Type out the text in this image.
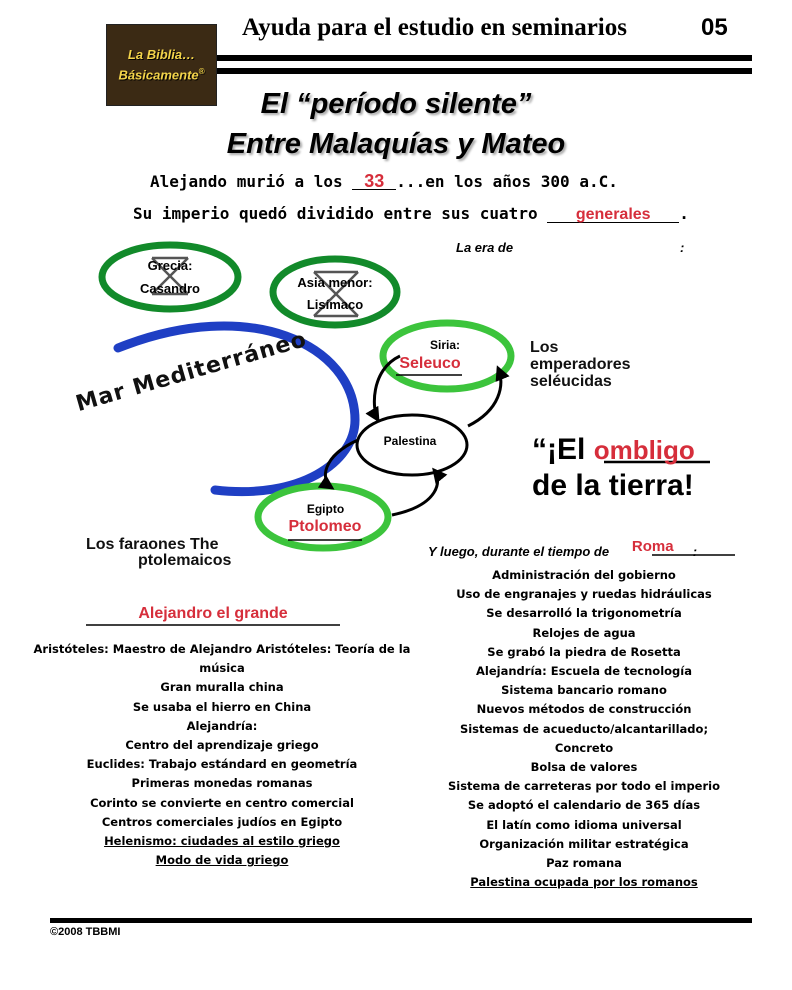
La Biblia…
Básicamente®
Ayuda para el estudio en seminarios	05
El “período silente”
Entre Malaquías y Mateo
Alejando murió a los 33 ...en los años 300 a.C.
Su imperio quedó dividido entre sus cuatro generales .
La era de	:
Grecia:
Casandro	Asia menor:
Lisímaco
Siria:
Seleuco
Palestina
Egipto
Ptolomeo
Mar Mediterráneo	Los
emperadores
seléucidas
“¡El ombligo
de la tierra!
Los faraones The
ptolemaicos
Y luego, durante el tiempo de Roma :
Alejandro el grande
Aristóteles: Maestro de Alejandro Aristóteles: Teoría de la
música
Gran muralla china
Se usaba el hierro en China
Alejandría:
Centro del aprendizaje griego
Euclides: Trabajo estándard en geometría
Primeras monedas romanas
Corinto se convierte en centro comercial
Centros comerciales judíos en Egipto
Helenismo: ciudades al estilo griego
Modo de vida griego
Administración del gobierno
Uso de engranajes y ruedas hidráulicas
Se desarrolló la trigonometría
Relojes de agua
Se grabó la piedra de Rosetta
Alejandría: Escuela de tecnología
Sistema bancario romano
Nuevos métodos de construcción
Sistemas de acueducto/alcantarillado;
Concreto
Bolsa de valores
Sistema de carreteras por todo el imperio
Se adoptó el calendario de 365 días
El latín como idioma universal
Organización militar estratégica
Paz romana
Palestina ocupada por los romanos
©2008 TBBMI
